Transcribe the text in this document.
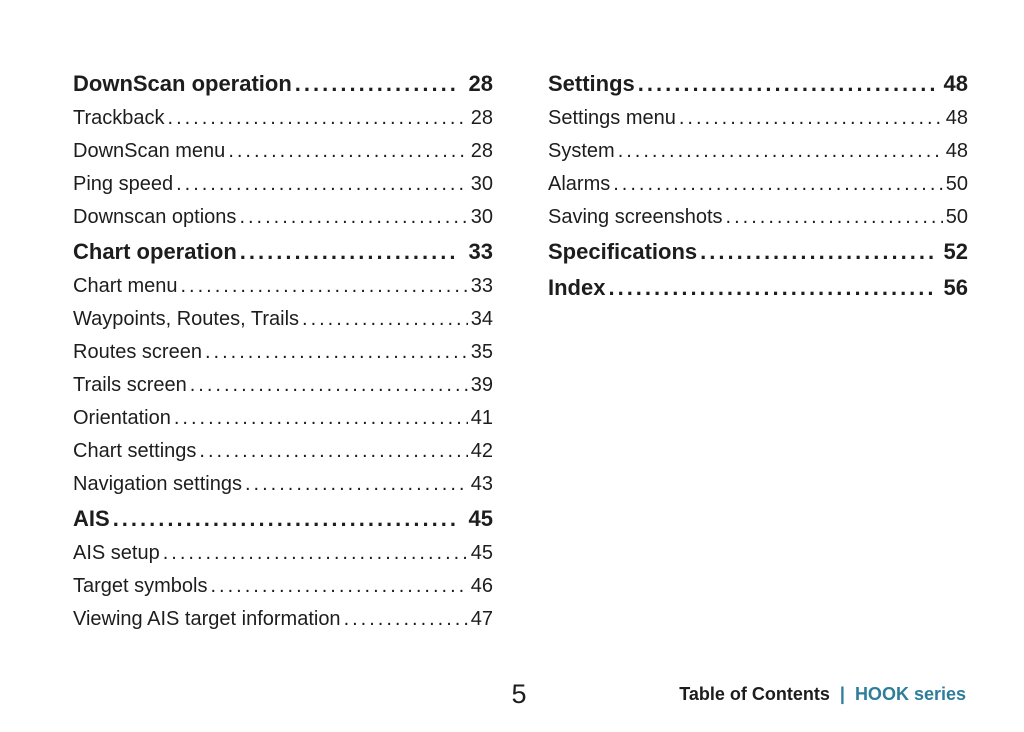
DownScan operation .....	28
Trackback .....	28
DownScan menu .....	28
Ping speed .....	30
Downscan options .....	30
Chart operation .....	33
Chart menu .....	33
Waypoints, Routes, Trails .....	34
Routes screen .....	35
Trails screen .....	39
Orientation .....	41
Chart settings .....	42
Navigation settings .....	43
AIS .....	45
AIS setup .....	45
Target symbols .....	46
Viewing AIS target information .....	47
Settings .....	48
Settings menu .....	48
System .....	48
Alarms .....	50
Saving screenshots .....	50
Specifications .....	52
Index .....	56
5	Table of Contents | HOOK series
